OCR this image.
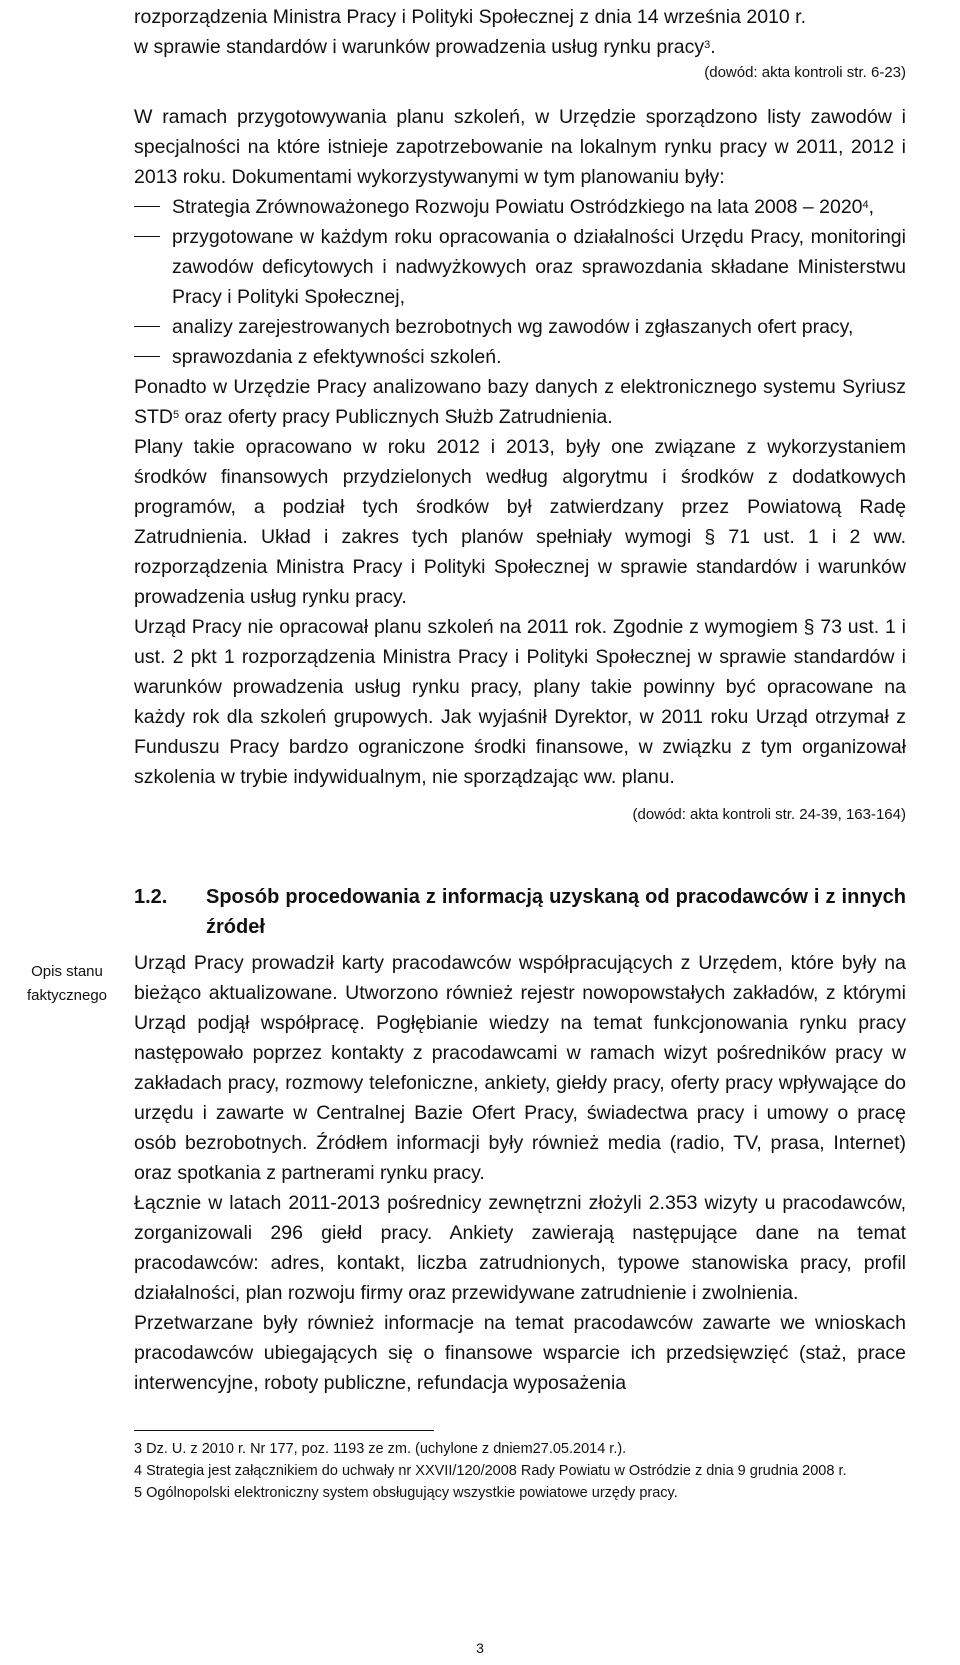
rozporządzenia Ministra Pracy i Polityki Społecznej z dnia 14 września 2010 r.

w sprawie standardów i warunków prowadzenia usług rynku pracy$^3$.

(dowód: akta kontroli str. 6-23)

W ramach przygotowywania planu szkoleń, w Urzędzie sporządzono listy zawodów i specjalności na które istnieje zapotrzebowanie na lokalnym rynku pracy w 2011, 2012 i 2013 roku. Dokumentami wykorzystywanymi w tym planowaniu były:

Strategia Zrównoważonego Rozwoju Powiatu Ostródzkiego na lata 2008 – 2020$^4$,
przygotowane w każdym roku opracowania o działalności Urzędu Pracy, monitoringi zawodów deficytowych i nadwyżkowych oraz sprawozdania składane Ministerstwu Pracy i Polityki Społecznej,
analizy zarejestrowanych bezrobotnych wg zawodów i zgłaszanych ofert pracy,
sprawozdania z efektywności szkoleń.

Ponadto w Urzędzie Pracy analizowano bazy danych z elektronicznego systemu Syriusz STD$^5$ oraz oferty pracy Publicznych Służb Zatrudnienia.

Plany takie opracowano w roku 2012 i 2013, były one związane z wykorzystaniem środków finansowych przydzielonych według algorytmu i środków z dodatkowych programów, a podział tych środków był zatwierdzany przez Powiatową Radę Zatrudnienia. Układ i zakres tych planów spełniały wymogi § 71 ust. 1 i 2 ww. rozporządzenia Ministra Pracy i Polityki Społecznej w sprawie standardów i warunków prowadzenia usług rynku pracy.

Urząd Pracy nie opracował planu szkoleń na 2011 rok. Zgodnie z wymogiem § 73 ust. 1 i ust. 2 pkt 1 rozporządzenia Ministra Pracy i Polityki Społecznej w sprawie standardów i warunków prowadzenia usług rynku pracy, plany takie powinny być opracowane na każdy rok dla szkoleń grupowych. Jak wyjaśnił Dyrektor, w 2011 roku Urząd otrzymał z Funduszu Pracy bardzo ograniczone środki finansowe, w związku z tym organizował szkolenia w trybie indywidualnym, nie sporządzając ww. planu.

(dowód: akta kontroli str. 24-39, 163-164)
1.2.	Sposób procedowania z informacją uzyskaną od pracodawców i z innych źródeł
Opis stanu faktycznego

Urząd Pracy prowadził karty pracodawców współpracujących z Urzędem, które były na bieżąco aktualizowane. Utworzono również rejestr nowopowstałych zakładów, z którymi Urząd podjął współpracę. Pogłębianie wiedzy na temat funkcjonowania rynku pracy następowało poprzez kontakty z pracodawcami w ramach wizyt pośredników pracy w zakładach pracy, rozmowy telefoniczne, ankiety, giełdy pracy, oferty pracy wpływające do urzędu i zawarte w Centralnej Bazie Ofert Pracy, świadectwa pracy i umowy o pracę osób bezrobotnych. Źródłem informacji były również media (radio, TV, prasa, Internet) oraz spotkania z partnerami rynku pracy.

Łącznie w latach 2011-2013 pośrednicy zewnętrzni złożyli 2.353 wizyty u pracodawców, zorganizowali 296 giełd pracy. Ankiety zawierają następujące dane na temat pracodawców: adres, kontakt, liczba zatrudnionych, typowe stanowiska pracy, profil działalności, plan rozwoju firmy oraz przewidywane zatrudnienie i zwolnienia.

Przetwarzane były również informacje na temat pracodawców zawarte we wnioskach pracodawców ubiegających się o finansowe wsparcie ich przedsięwzięć (staż, prace interwencyjne, roboty publiczne, refundacja wyposażenia

3 Dz. U. z 2010 r. Nr 177, poz. 1193 ze zm. (uchylone z dniem27.05.2014 r.).
4 Strategia jest załącznikiem do uchwały nr XXVII/120/2008 Rady Powiatu w Ostródzie z dnia 9 grudnia 2008 r.
5 Ogólnopolski elektroniczny system obsługujący wszystkie powiatowe urzędy pracy.
3
